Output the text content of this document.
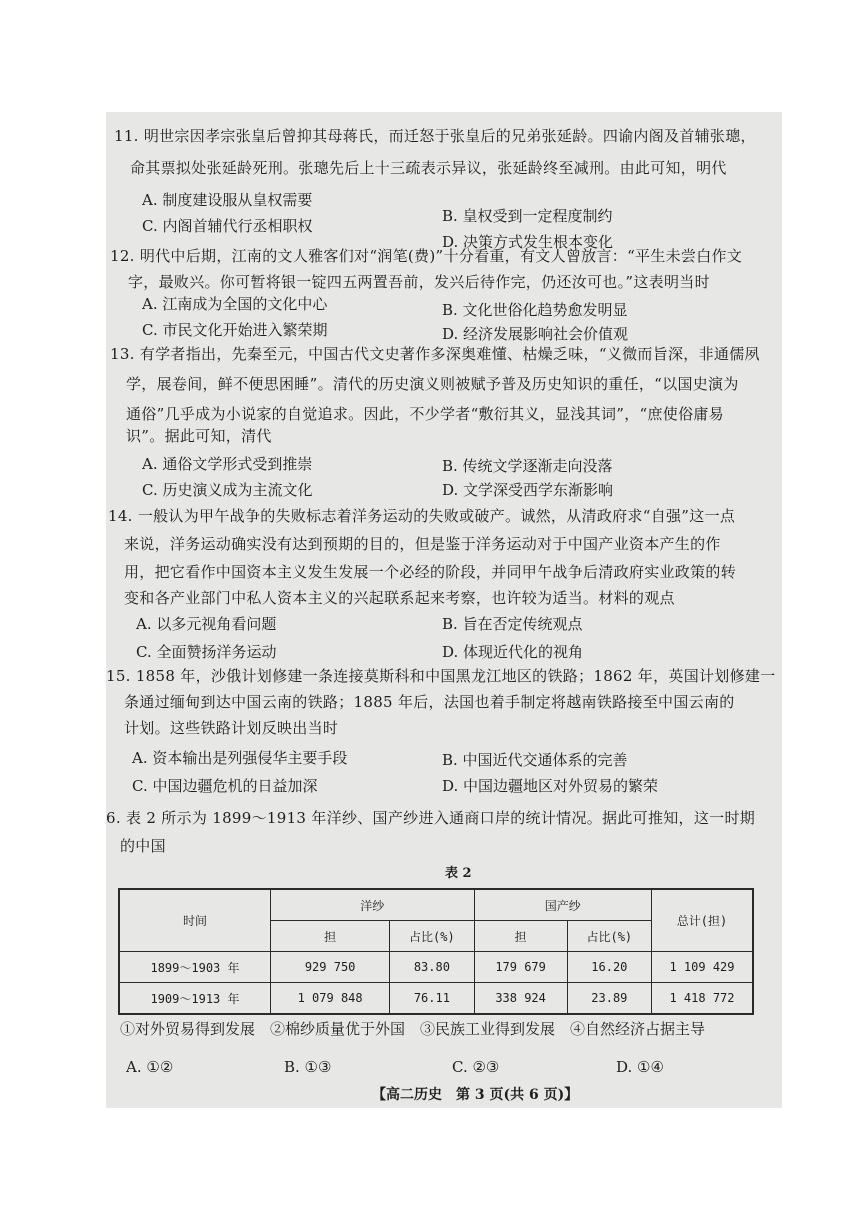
11. 明世宗因孝宗张皇后曾抑其母蒋氏，而迁怒于张皇后的兄弟张延龄。四谕内阁及首辅张璁，
命其票拟处张延龄死刑。张璁先后上十三疏表示异议，张延龄终至减刑。由此可知，明代
A. 制度建设服从皇权需要
B. 皇权受到一定程度制约
C. 内阁首辅代行丞相职权
D. 决策方式发生根本变化
12. 明代中后期，江南的文人雅客们对“润笔(费)”十分看重，有文人曾放言：“平生未尝白作文
字，最败兴。你可暂将银一锭四五两置吾前，发兴后待作完，仍还汝可也。”这表明当时
A. 江南成为全国的文化中心	B. 文化世俗化趋势愈发明显
C. 市民文化开始进入繁荣期	D. 经济发展影响社会价值观
13. 有学者指出，先秦至元，中国古代文史著作多深奥难懂、枯燥乏味，“义微而旨深，非通儒夙
学，展卷间，鲜不便思困睡”。清代的历史演义则被赋予普及历史知识的重任，“以国史演为
通俗”几乎成为小说家的自觉追求。因此，不少学者“敷衍其义，显浅其词”，“庶使俗庸易
识”。据此可知，清代
A. 通俗文学形式受到推崇	B. 传统文学逐渐走向没落
C. 历史演义成为主流文化	D. 文学深受西学东渐影响
14. 一般认为甲午战争的失败标志着洋务运动的失败或破产。诚然，从清政府求“自强”这一点
来说，洋务运动确实没有达到预期的目的，但是鉴于洋务运动对于中国产业资本产生的作
用，把它看作中国资本主义发生发展一个必经的阶段，并同甲午战争后清政府实业政策的转
变和各产业部门中私人资本主义的兴起联系起来考察，也许较为适当。材料的观点
A. 以多元视角看问题	B. 旨在否定传统观点
C. 全面赞扬洋务运动	D. 体现近代化的视角
15. 1858 年，沙俄计划修建一条连接莫斯科和中国黑龙江地区的铁路；1862 年，英国计划修建一
条通过缅甸到达中国云南的铁路；1885 年后，法国也着手制定将越南铁路接至中国云南的
计划。这些铁路计划反映出当时
A. 资本输出是列强侵华主要手段	B. 中国近代交通体系的完善
C. 中国边疆危机的日益加深	D. 中国边疆地区对外贸易的繁荣
6. 表 2 所示为 1899～1913 年洋纱、国产纱进入通商口岸的统计情况。据此可推知，这一时期
的中国
表 2
时间	洋纱		国产纱		总计(担)
	担	占比(%)	担	占比(%)	
1899～1903 年	929 750	83.80	179 679	16.20	1 109 429
1909～1913 年	1 079 848	76.11	338 924	23.89	1 418 772
①对外贸易得到发展　②棉纱质量优于外国　③民族工业得到发展　④自然经济占据主导
A. ①②	B. ①③	C. ②③	D. ①④
【高二历史　第 3 页(共 6 页)】
